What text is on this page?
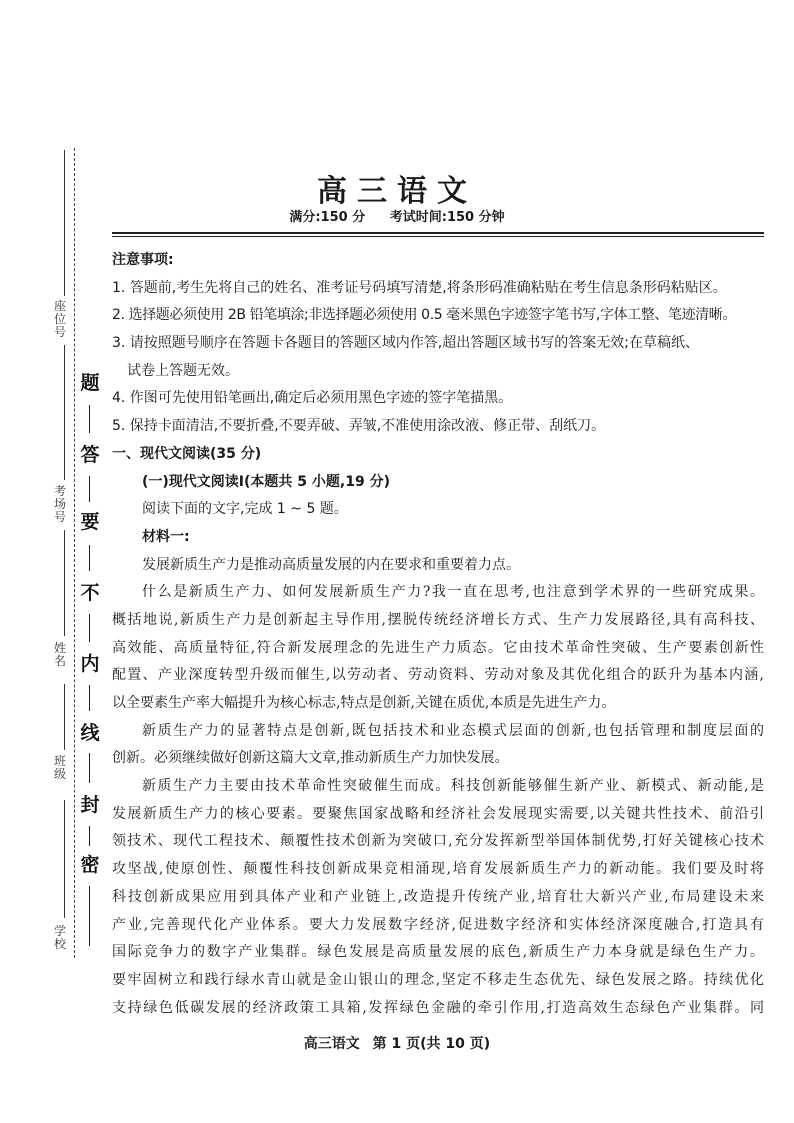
座位号
考场号
姓名
班级
学校
题
答
要
不
内
线
封
密
高三语文
满分:150 分 考试时间:150 分钟
注意事项:
1. 答题前,考生先将自己的姓名、准考证号码填写清楚,将条形码准确粘贴在考生信息条形码粘贴区。
2. 选择题必须使用 2B 铅笔填涂;非选择题必须使用 0.5 毫米黑色字迹签字笔书写,字体工整、笔迹清晰。
3. 请按照题号顺序在答题卡各题目的答题区域内作答,超出答题区域书写的答案无效;在草稿纸、
试卷上答题无效。
4. 作图可先使用铅笔画出,确定后必须用黑色字迹的签字笔描黑。
5. 保持卡面清洁,不要折叠,不要弄破、弄皱,不准使用涂改液、修正带、刮纸刀。
一、现代文阅读(35 分)
(一)现代文阅读Ⅰ(本题共 5 小题,19 分)
阅读下面的文字,完成 1 ~ 5 题。
材料一:
发展新质生产力是推动高质量发展的内在要求和重要着力点。
什么是新质生产力、如何发展新质生产力?我一直在思考,也注意到学术界的一些研究成果。
概括地说,新质生产力是创新起主导作用,摆脱传统经济增长方式、生产力发展路径,具有高科技、
高效能、高质量特征,符合新发展理念的先进生产力质态。它由技术革命性突破、生产要素创新性
配置、产业深度转型升级而催生,以劳动者、劳动资料、劳动对象及其优化组合的跃升为基本内涵,
以全要素生产率大幅提升为核心标志,特点是创新,关键在质优,本质是先进生产力。
新质生产力的显著特点是创新,既包括技术和业态模式层面的创新,也包括管理和制度层面的
创新。必须继续做好创新这篇大文章,推动新质生产力加快发展。
新质生产力主要由技术革命性突破催生而成。科技创新能够催生新产业、新模式、新动能,是
发展新质生产力的核心要素。要聚焦国家战略和经济社会发展现实需要,以关键共性技术、前沿引
领技术、现代工程技术、颠覆性技术创新为突破口,充分发挥新型举国体制优势,打好关键核心技术
攻坚战,使原创性、颠覆性科技创新成果竞相涌现,培育发展新质生产力的新动能。我们要及时将
科技创新成果应用到具体产业和产业链上,改造提升传统产业,培育壮大新兴产业,布局建设未来
产业,完善现代化产业体系。要大力发展数字经济,促进数字经济和实体经济深度融合,打造具有
国际竞争力的数字产业集群。绿色发展是高质量发展的底色,新质生产力本身就是绿色生产力。
要牢固树立和践行绿水青山就是金山银山的理念,坚定不移走生态优先、绿色发展之路。持续优化
支持绿色低碳发展的经济政策工具箱,发挥绿色金融的牵引作用,打造高效生态绿色产业集群。同
高三语文 第 1 页(共 10 页)
